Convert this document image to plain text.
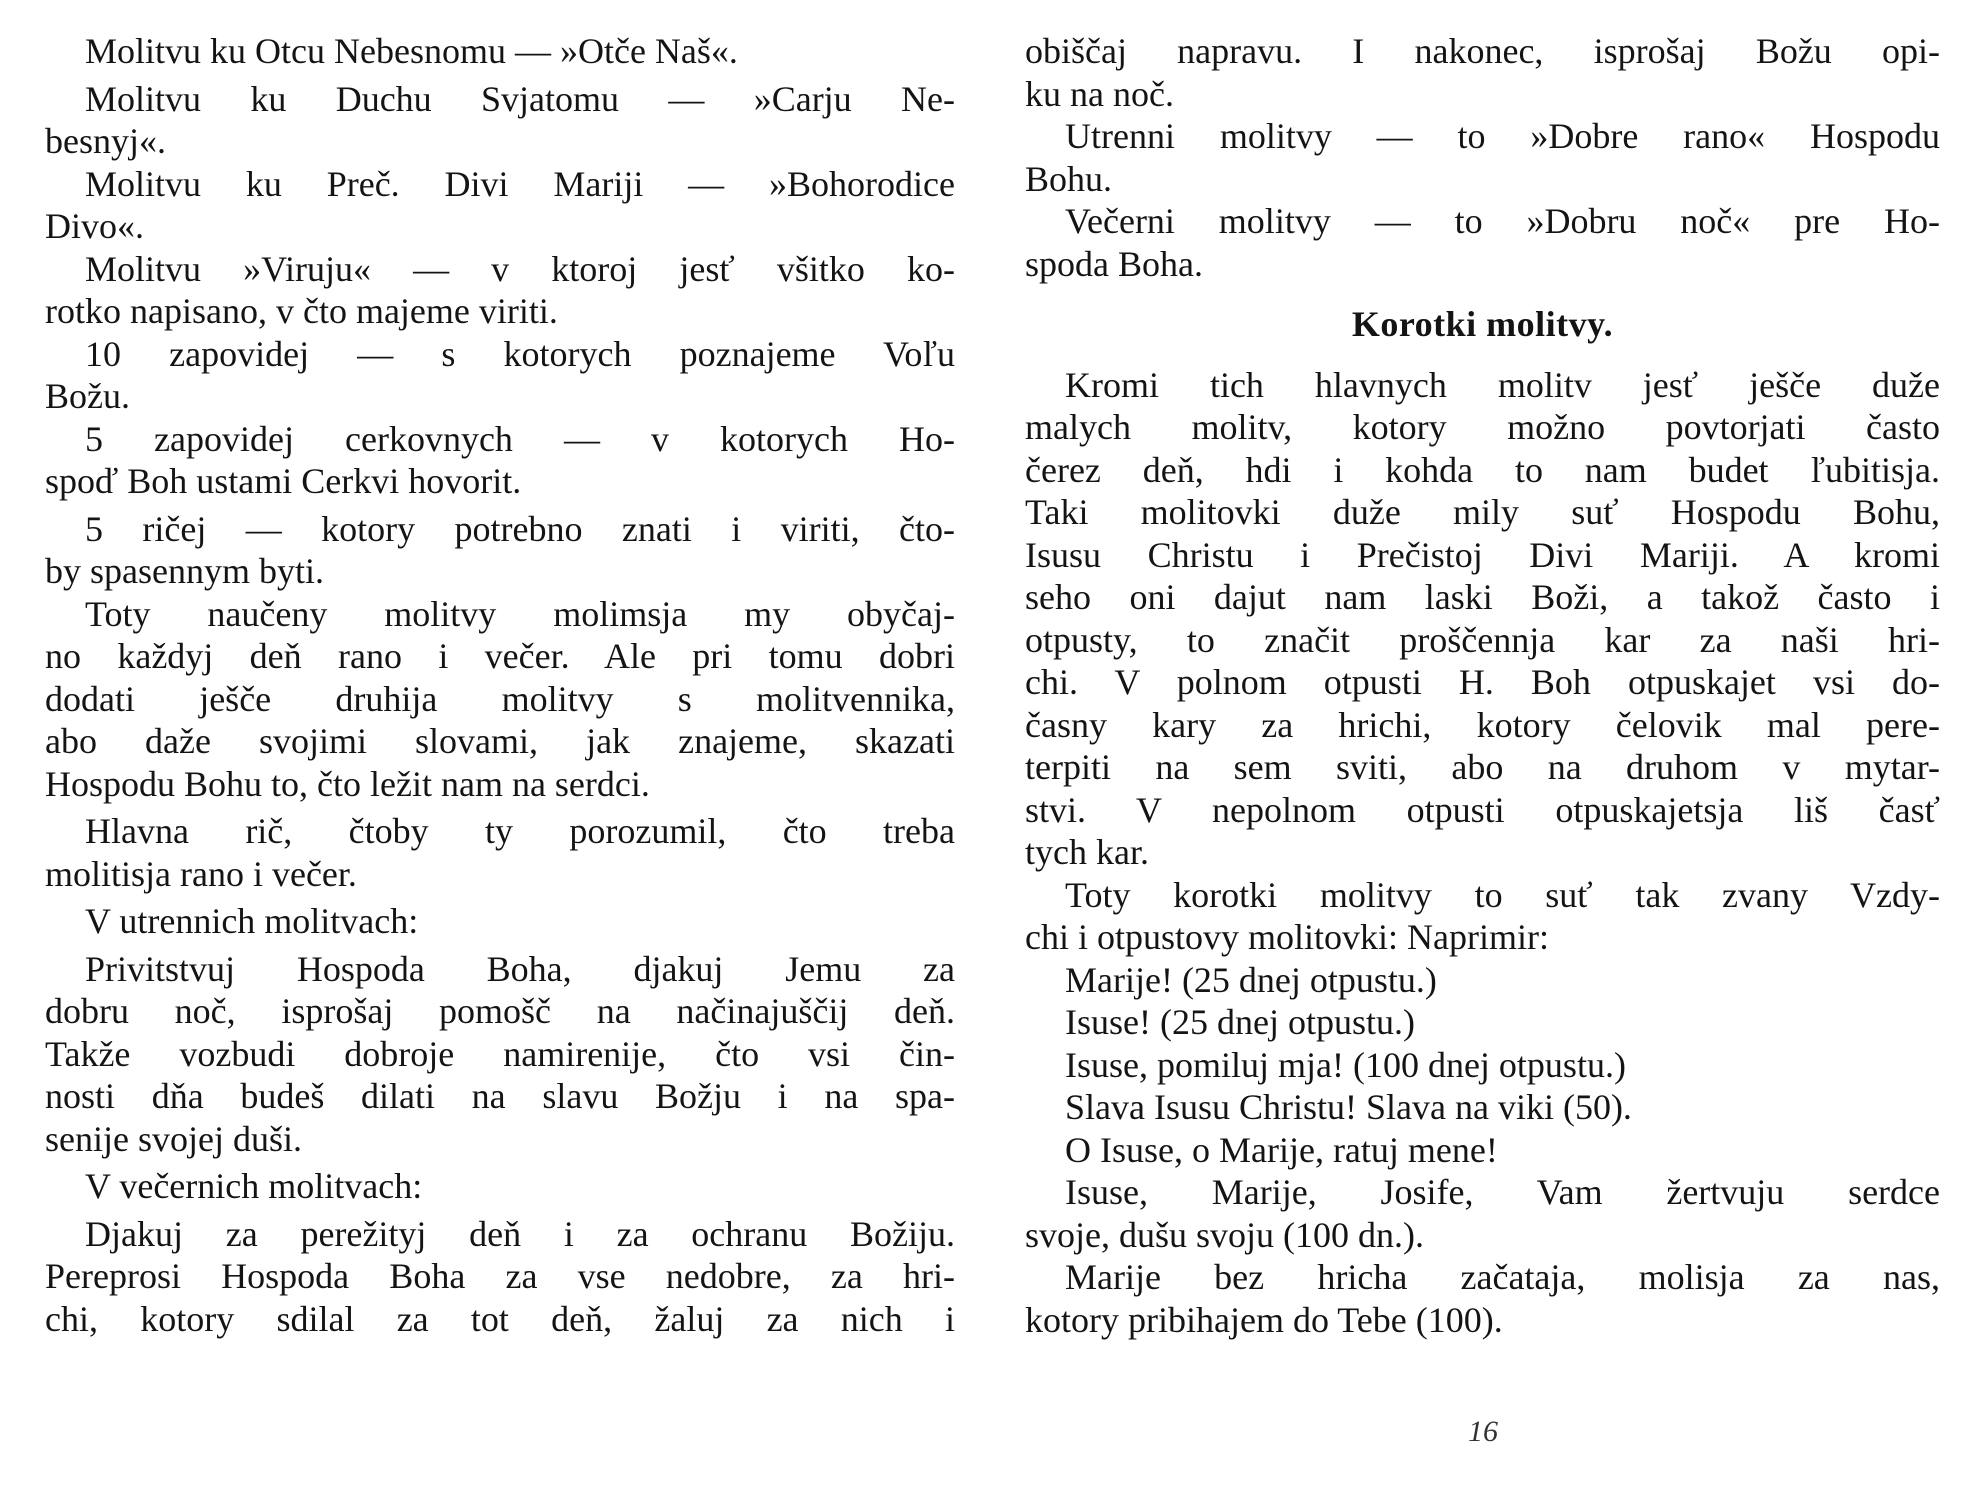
Molitvu ku Otcu Nebesnomu — »Otče Naš«.
Molitvu ku Duchu Svjatomu — »Carju Ne-
besnyj«.
Molitvu ku Preč. Divi Mariji — »Bohorodice
Divo«.
Molitvu »Viruju« — v ktoroj jesť všitko ko-
rotko napisano, v čto majeme viriti.
10 zapovidej — s kotorych poznajeme Voľu
Božu.
5 zapovidej cerkovnych — v kotorych Ho-
spoď Boh ustami Cerkvi hovorit.
5 ričej — kotory potrebno znati i viriti, čto-
by spasennym byti.
Toty naučeny molitvy molimsja my obyčaj-
no každyj deň rano i večer. Ale pri tomu dobri
dodati ješče druhija molitvy s molitvennika,
abo daže svojimi slovami, jak znajeme, skazati
Hospodu Bohu to, čto ležit nam na serdci.
Hlavna rič, čtoby ty porozumil, čto treba
molitisja rano i večer.
V utrennich molitvach:
Privitstvuj Hospoda Boha, djakuj Jemu za
dobru noč, isprošaj pomošč na načinajuščij deň.
Takže vozbudi dobroje namirenije, čto vsi čin-
nosti dňa budeš dilati na slavu Božju i na spa-
senije svojej duši.
V večernich molitvach:
Djakuj za perežityj deň i za ochranu Božiju.
Pereprosi Hospoda Boha za vse nedobre, za hri-
chi, kotory sdilal za tot deň, žaluj za nich i
obiščaj napravu. I nakonec, isprošaj Božu opi-
ku na noč.
Utrenni molitvy — to »Dobre rano« Hospodu
Bohu.
Večerni molitvy — to »Dobru noč« pre Ho-
spoda Boha.
Korotki molitvy.
Kromi tich hlavnych molitv jesť ješče duže
malych molitv, kotory možno povtorjati často
čerez deň, hdi i kohda to nam budet ľubitisja.
Taki molitovki duže mily suť Hospodu Bohu,
Isusu Christu i Prečistoj Divi Mariji. A kromi
seho oni dajut nam laski Boži, a takož často i
otpusty, to značit proščennja kar za naši hri-
chi. V polnom otpusti H. Boh otpuskajet vsi do-
časny kary za hrichi, kotory čelovik mal pere-
terpiti na sem sviti, abo na druhom v mytar-
stvi. V nepolnom otpusti otpuskajetsja liš časť
tych kar.
Toty korotki molitvy to suť tak zvany Vzdy-
chi i otpustovy molitovki: Naprimir:
Marije! (25 dnej otpustu.)
Isuse! (25 dnej otpustu.)
Isuse, pomiluj mja! (100 dnej otpustu.)
Slava Isusu Christu! Slava na viki (50).
O Isuse, o Marije, ratuj mene!
Isuse, Marije, Josife, Vam žertvuju serdce
svoje, dušu svoju (100 dn.).
Marije bez hricha začataja, molisja za nas,
kotory pribihajem do Tebe (100).
16
